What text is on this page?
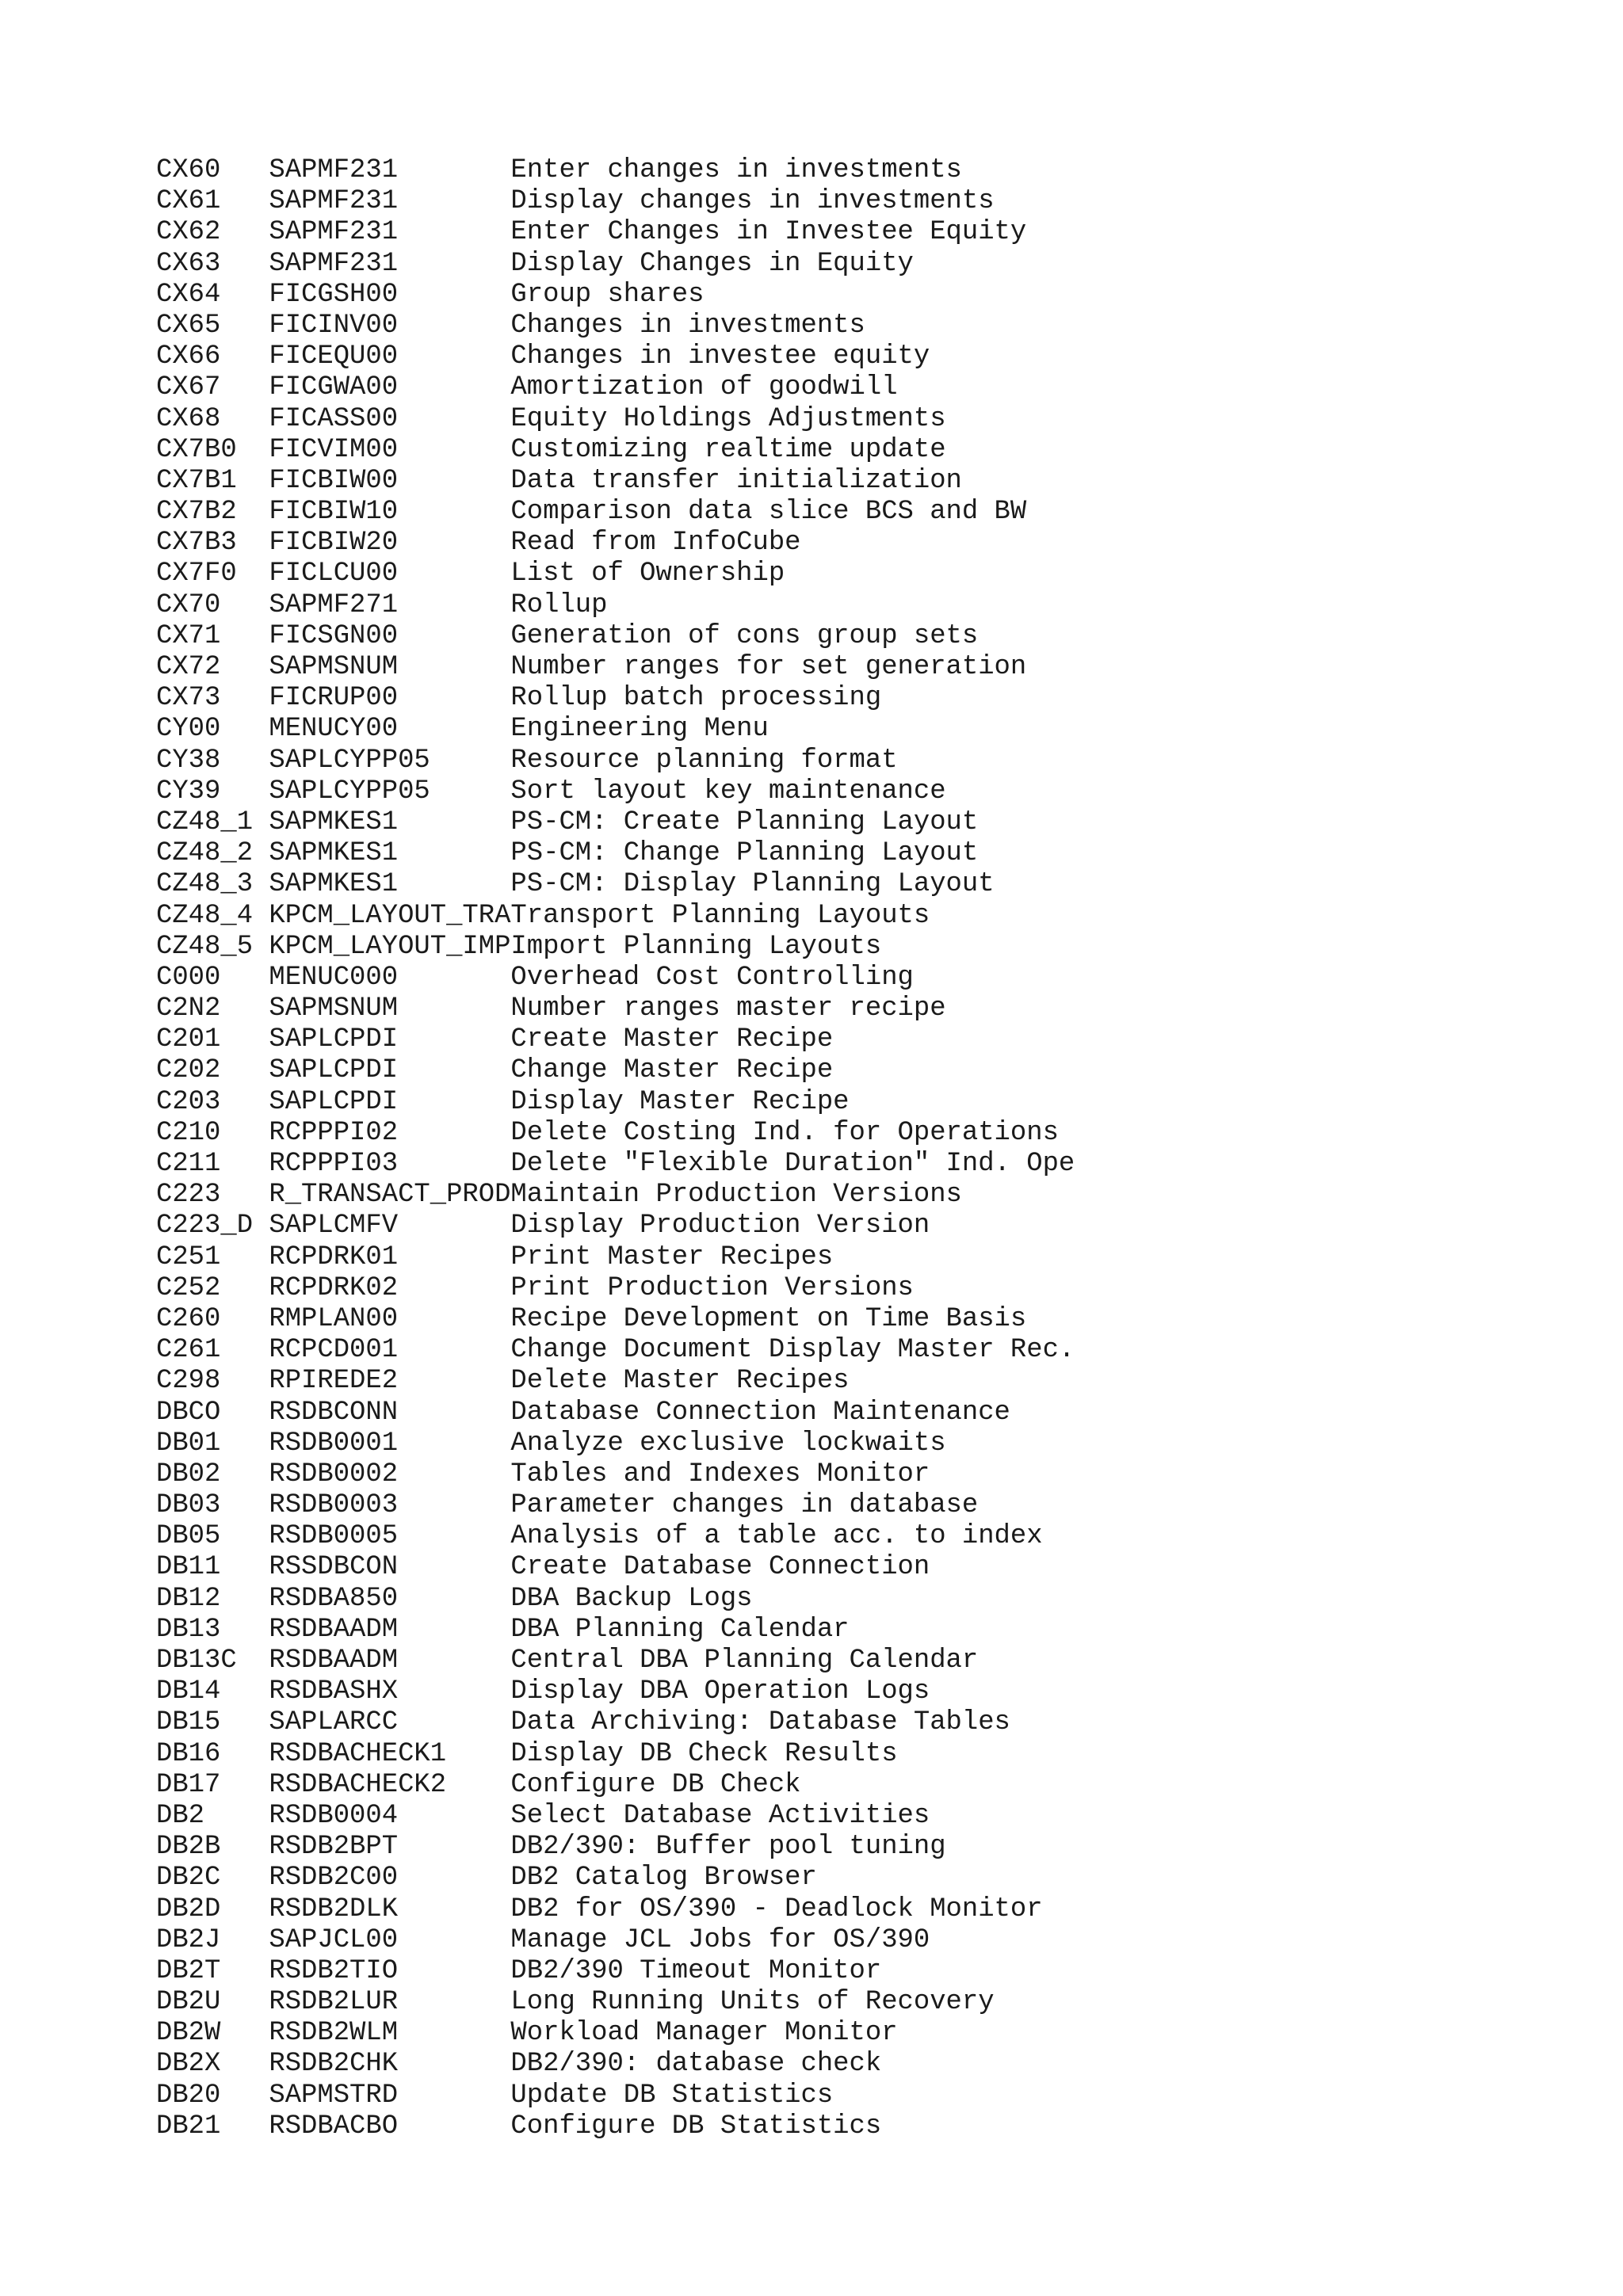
CX60   SAPMF231       Enter changes in investments
CX61   SAPMF231       Display changes in investments
CX62   SAPMF231       Enter Changes in Investee Equity
CX63   SAPMF231       Display Changes in Equity
CX64   FICGSH00       Group shares
CX65   FICINV00       Changes in investments
CX66   FICEQU00       Changes in investee equity
CX67   FICGWA00       Amortization of goodwill
CX68   FICASS00       Equity Holdings Adjustments
CX7B0  FICVIM00       Customizing realtime update
CX7B1  FICBIW00       Data transfer initialization
CX7B2  FICBIW10       Comparison data slice BCS and BW
CX7B3  FICBIW20       Read from InfoCube
CX7F0  FICLCU00       List of Ownership
CX70   SAPMF271       Rollup
CX71   FICSGN00       Generation of cons group sets
CX72   SAPMSNUM       Number ranges for set generation
CX73   FICRUP00       Rollup batch processing
CY00   MENUCY00       Engineering Menu
CY38   SAPLCYPP05     Resource planning format
CY39   SAPLCYPP05     Sort layout key maintenance
CZ48_1 SAPMKES1       PS-CM: Create Planning Layout
CZ48_2 SAPMKES1       PS-CM: Change Planning Layout
CZ48_3 SAPMKES1       PS-CM: Display Planning Layout
CZ48_4 KPCM_LAYOUT_TRATransport Planning Layouts
CZ48_5 KPCM_LAYOUT_IMPImport Planning Layouts
C000   MENUC000       Overhead Cost Controlling
C2N2   SAPMSNUM       Number ranges master recipe
C201   SAPLCPDI       Create Master Recipe
C202   SAPLCPDI       Change Master Recipe
C203   SAPLCPDI       Display Master Recipe
C210   RCPPPI02       Delete Costing Ind. for Operations
C211   RCPPPI03       Delete "Flexible Duration" Ind. Ope
C223   R_TRANSACT_PRODMaintain Production Versions
C223_D SAPLCMFV       Display Production Version
C251   RCPDRK01       Print Master Recipes
C252   RCPDRK02       Print Production Versions
C260   RMPLAN00       Recipe Development on Time Basis
C261   RCPCD001       Change Document Display Master Rec.
C298   RPIREDE2       Delete Master Recipes
DBCO   RSDBCONN       Database Connection Maintenance
DB01   RSDB0001       Analyze exclusive lockwaits
DB02   RSDB0002       Tables and Indexes Monitor
DB03   RSDB0003       Parameter changes in database
DB05   RSDB0005       Analysis of a table acc. to index
DB11   RSSDBCON       Create Database Connection
DB12   RSDBA850       DBA Backup Logs
DB13   RSDBAADM       DBA Planning Calendar
DB13C  RSDBAADM       Central DBA Planning Calendar
DB14   RSDBASHX       Display DBA Operation Logs
DB15   SAPLARCC       Data Archiving: Database Tables
DB16   RSDBACHECK1    Display DB Check Results
DB17   RSDBACHECK2    Configure DB Check
DB2    RSDB0004       Select Database Activities
DB2B   RSDB2BPT       DB2/390: Buffer pool tuning
DB2C   RSDB2C00       DB2 Catalog Browser
DB2D   RSDB2DLK       DB2 for OS/390 - Deadlock Monitor
DB2J   SAPJCL00       Manage JCL Jobs for OS/390
DB2T   RSDB2TIO       DB2/390 Timeout Monitor
DB2U   RSDB2LUR       Long Running Units of Recovery
DB2W   RSDB2WLM       Workload Manager Monitor
DB2X   RSDB2CHK       DB2/390: database check
DB20   SAPMSTRD       Update DB Statistics
DB21   RSDBACBO       Configure DB Statistics
